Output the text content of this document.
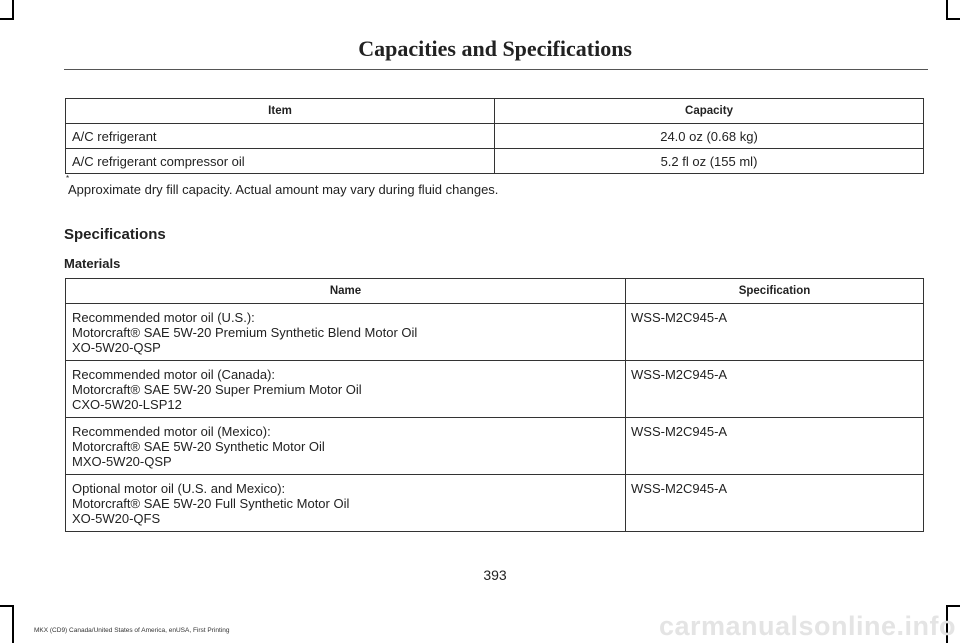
Capacities and Specifications
Item	Capacity
A/C refrigerant	24.0 oz (0.68 kg)
A/C refrigerant compressor oil	5.2 fl oz (155 ml)
*
Approximate dry fill capacity. Actual amount may vary during fluid changes.
Specifications
Materials
Name	Specification

Recommended motor oil (U.S.):
Motorcraft® SAE 5W-20 Premium Synthetic Blend Motor Oil
XO-5W20-QSP	WSS-M2C945-A

Recommended motor oil (Canada):
Motorcraft® SAE 5W-20 Super Premium Motor Oil
CXO-5W20-LSP12	WSS-M2C945-A

Recommended motor oil (Mexico):
Motorcraft® SAE 5W-20 Synthetic Motor Oil
MXO-5W20-QSP	WSS-M2C945-A

Optional motor oil (U.S. and Mexico):
Motorcraft® SAE 5W-20 Full Synthetic Motor Oil
XO-5W20-QFS	WSS-M2C945-A
393
MKX (CD9) Canada/United States of America, enUSA, First Printing	carmanualsonline.info
